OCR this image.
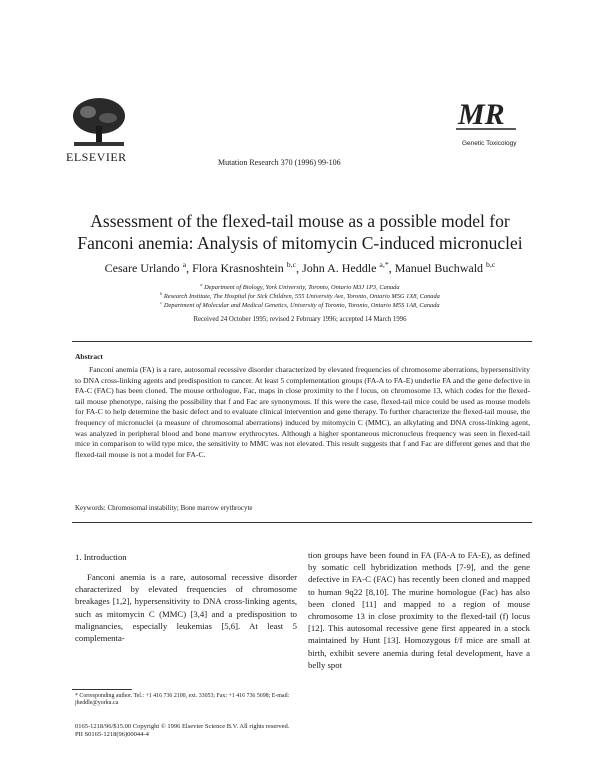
ELSEVIER	Mutation Research 370 (1996) 99-106
MR
Genetic Toxicology
Assessment of the flexed-tail mouse as a possible model for
Fanconi anemia: Analysis of mitomycin C-induced micronuclei
Cesare Urlando $^a$, Flora Krasnoshtein $^{b,c}$, John A. Heddle $^{a,*}$, Manuel Buchwald $^{b,c}$
$^a$ Department of Biology, York University, Toronto, Ontario M3J 1P3, Canada
$^b$ Research Institute, The Hospital for Sick Children, 555 University Ave, Toronto, Ontario M5G 1X8, Canada
$^c$ Department of Molecular and Medical Genetics, University of Toronto, Toronto, Ontario M5S 1A8, Canada
Received 24 October 1995; revised 2 February 1996; accepted 14 March 1996
Abstract
Fanconi anemia (FA) is a rare, autosomal recessive disorder characterized by elevated frequencies of chromosome aberrations, hypersensitivity to DNA cross-linking agents and predisposition to cancer. At least 5 complementation groups (FA-A to FA-E) underlie FA and the gene defective in FA-C (FAC) has been cloned. The mouse orthologue, Fac, maps in close proximity to the f locus, on chromosome 13, which codes for the flexed-tail mouse phenotype, raising the possibility that f and Fac are synonymous. If this were the case, flexed-tail mice could be used as mouse models for FA-C to help determine the basic defect and to evaluate clinical intervention and gene therapy. To further characterize the flexed-tail mouse, the frequency of micronuclei (a measure of chromosomal aberrations) induced by mitomycin C (MMC), an alkylating and DNA cross-linking agent, was analyzed in peripheral blood and bone marrow erythrocytes. Although a higher spontaneous micronucleus frequency was seen in flexed-tail mice in comparison to wild type mice, the sensitivity to MMC was not elevated. This result suggests that f and Fac are different genes and that the flexed-tail mouse is not a model for FA-C.
Keywords: Chromosomal instability; Bone marrow erythrocyte
1. Introduction
Fanconi anemia is a rare, autosomal recessive disorder characterized by elevated frequencies of chromosome breakages [1,2], hypersensitivity to DNA cross-linking agents, such as mitomycin C (MMC) [3,4] and a predisposition to malignancies, especially leukemias [5,6]. At least 5 complementa-
tion groups have been found in FA (FA-A to FA-E), as defined by somatic cell hybridization methods [7-9], and the gene defective in FA-C (FAC) has recently been cloned and mapped to human 9q22 [8,10]. The murine homologue (Fac) has also been cloned [11] and mapped to a region of mouse chromosome 13 in close proximity to the flexed-tail (f) locus [12]. This autosomal recessive gene first appeared in a stock maintained by Hunt [13]. Homozygous f/f mice are small at birth, exhibit severe anemia during fetal development, have a belly spot
* Corresponding author. Tel.: +1 416 736 2100, ext. 33053; Fax: +1 416 736 5698; E-mail: jheddle@yorku.ca
0165-1218/96/$15.00 Copyright © 1996 Elsevier Science B.V. All rights reserved.
PII S0165-1218(96)00044-4
